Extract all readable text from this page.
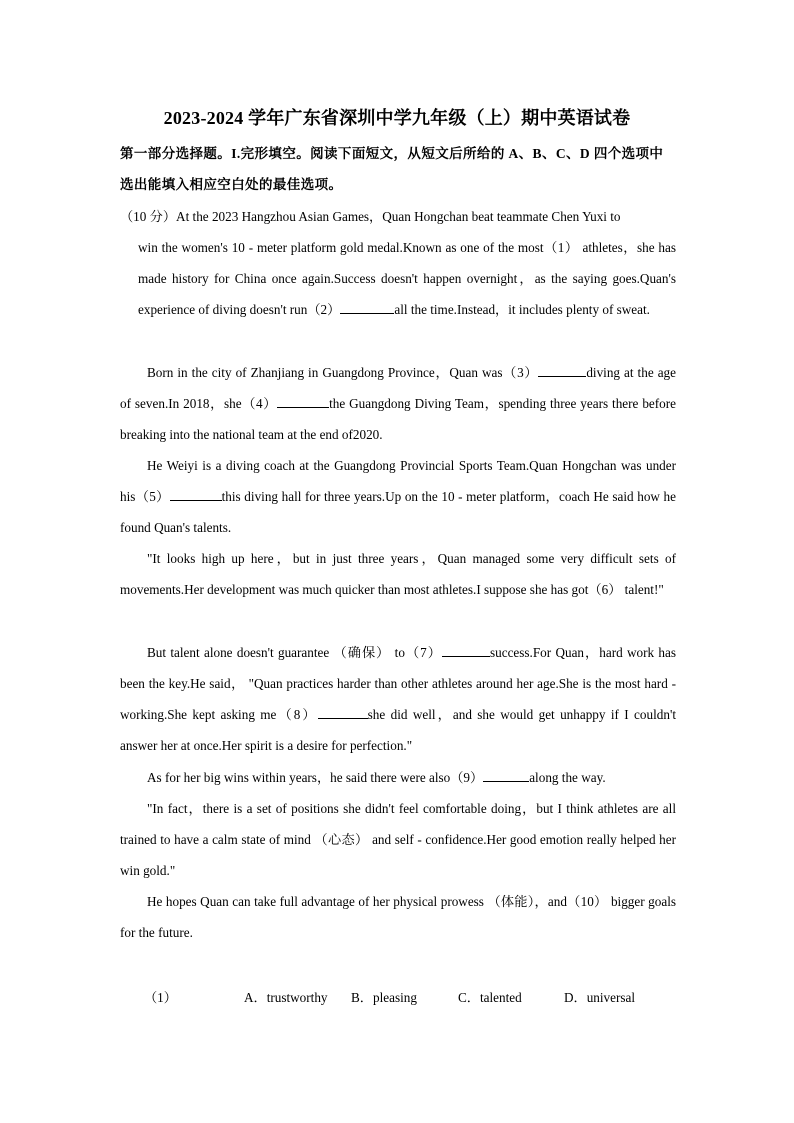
2023-2024 学年广东省深圳中学九年级（上）期中英语试卷
第一部分选择题。I.完形填空。阅读下面短文，从短文后所给的 A、B、C、D 四个选项中选出能填入相应空白处的最佳选项。
（10 分）At the 2023 Hangzhou Asian Games，Quan Hongchan beat teammate Chen Yuxi to
win the women's 10 - meter platform gold medal.Known as one of the most（1） athletes，she has made history for China once again.Success doesn't happen overnight，as the saying goes.Quan's experience of diving doesn't run（2）	all the time.Instead，it includes plenty of sweat.
Born in the city of Zhanjiang in Guangdong Province，Quan was（3）	diving at the age of seven.In 2018，she（4）	the Guangdong Diving Team，spending three years there before breaking into the national team at the end of2020.
He Weiyi is a diving coach at the Guangdong Provincial Sports Team.Quan Hongchan was under his（5）	this diving hall for three years.Up on the 10 - meter platform，coach He said how he found Quan's talents.
"It looks high up here，but in just three years，Quan managed some very difficult sets of movements.Her development was much quicker than most athletes.I suppose she has got（6） talent!"
But talent alone doesn't guarantee （确保） to（7）	success.For Quan，hard work has been the key.He said， "Quan practices harder than other athletes around her age.She is the most hard - working.She kept asking me（8）	she did well，and she would get unhappy if I couldn't answer her at once.Her spirit is a desire for perfection."
As for her big wins within years，he said there were also（9）	along the way.
"In fact，there is a set of positions she didn't feel comfortable doing，but I think athletes are all trained to have a calm state of mind （心态） and self - confidence.Her good emotion really helped her win gold."
He hopes Quan can take full advantage of her physical prowess （体能），and（10） bigger goals for the future.
（1）	A．trustworthy B．pleasing	C．talented	D．universal
